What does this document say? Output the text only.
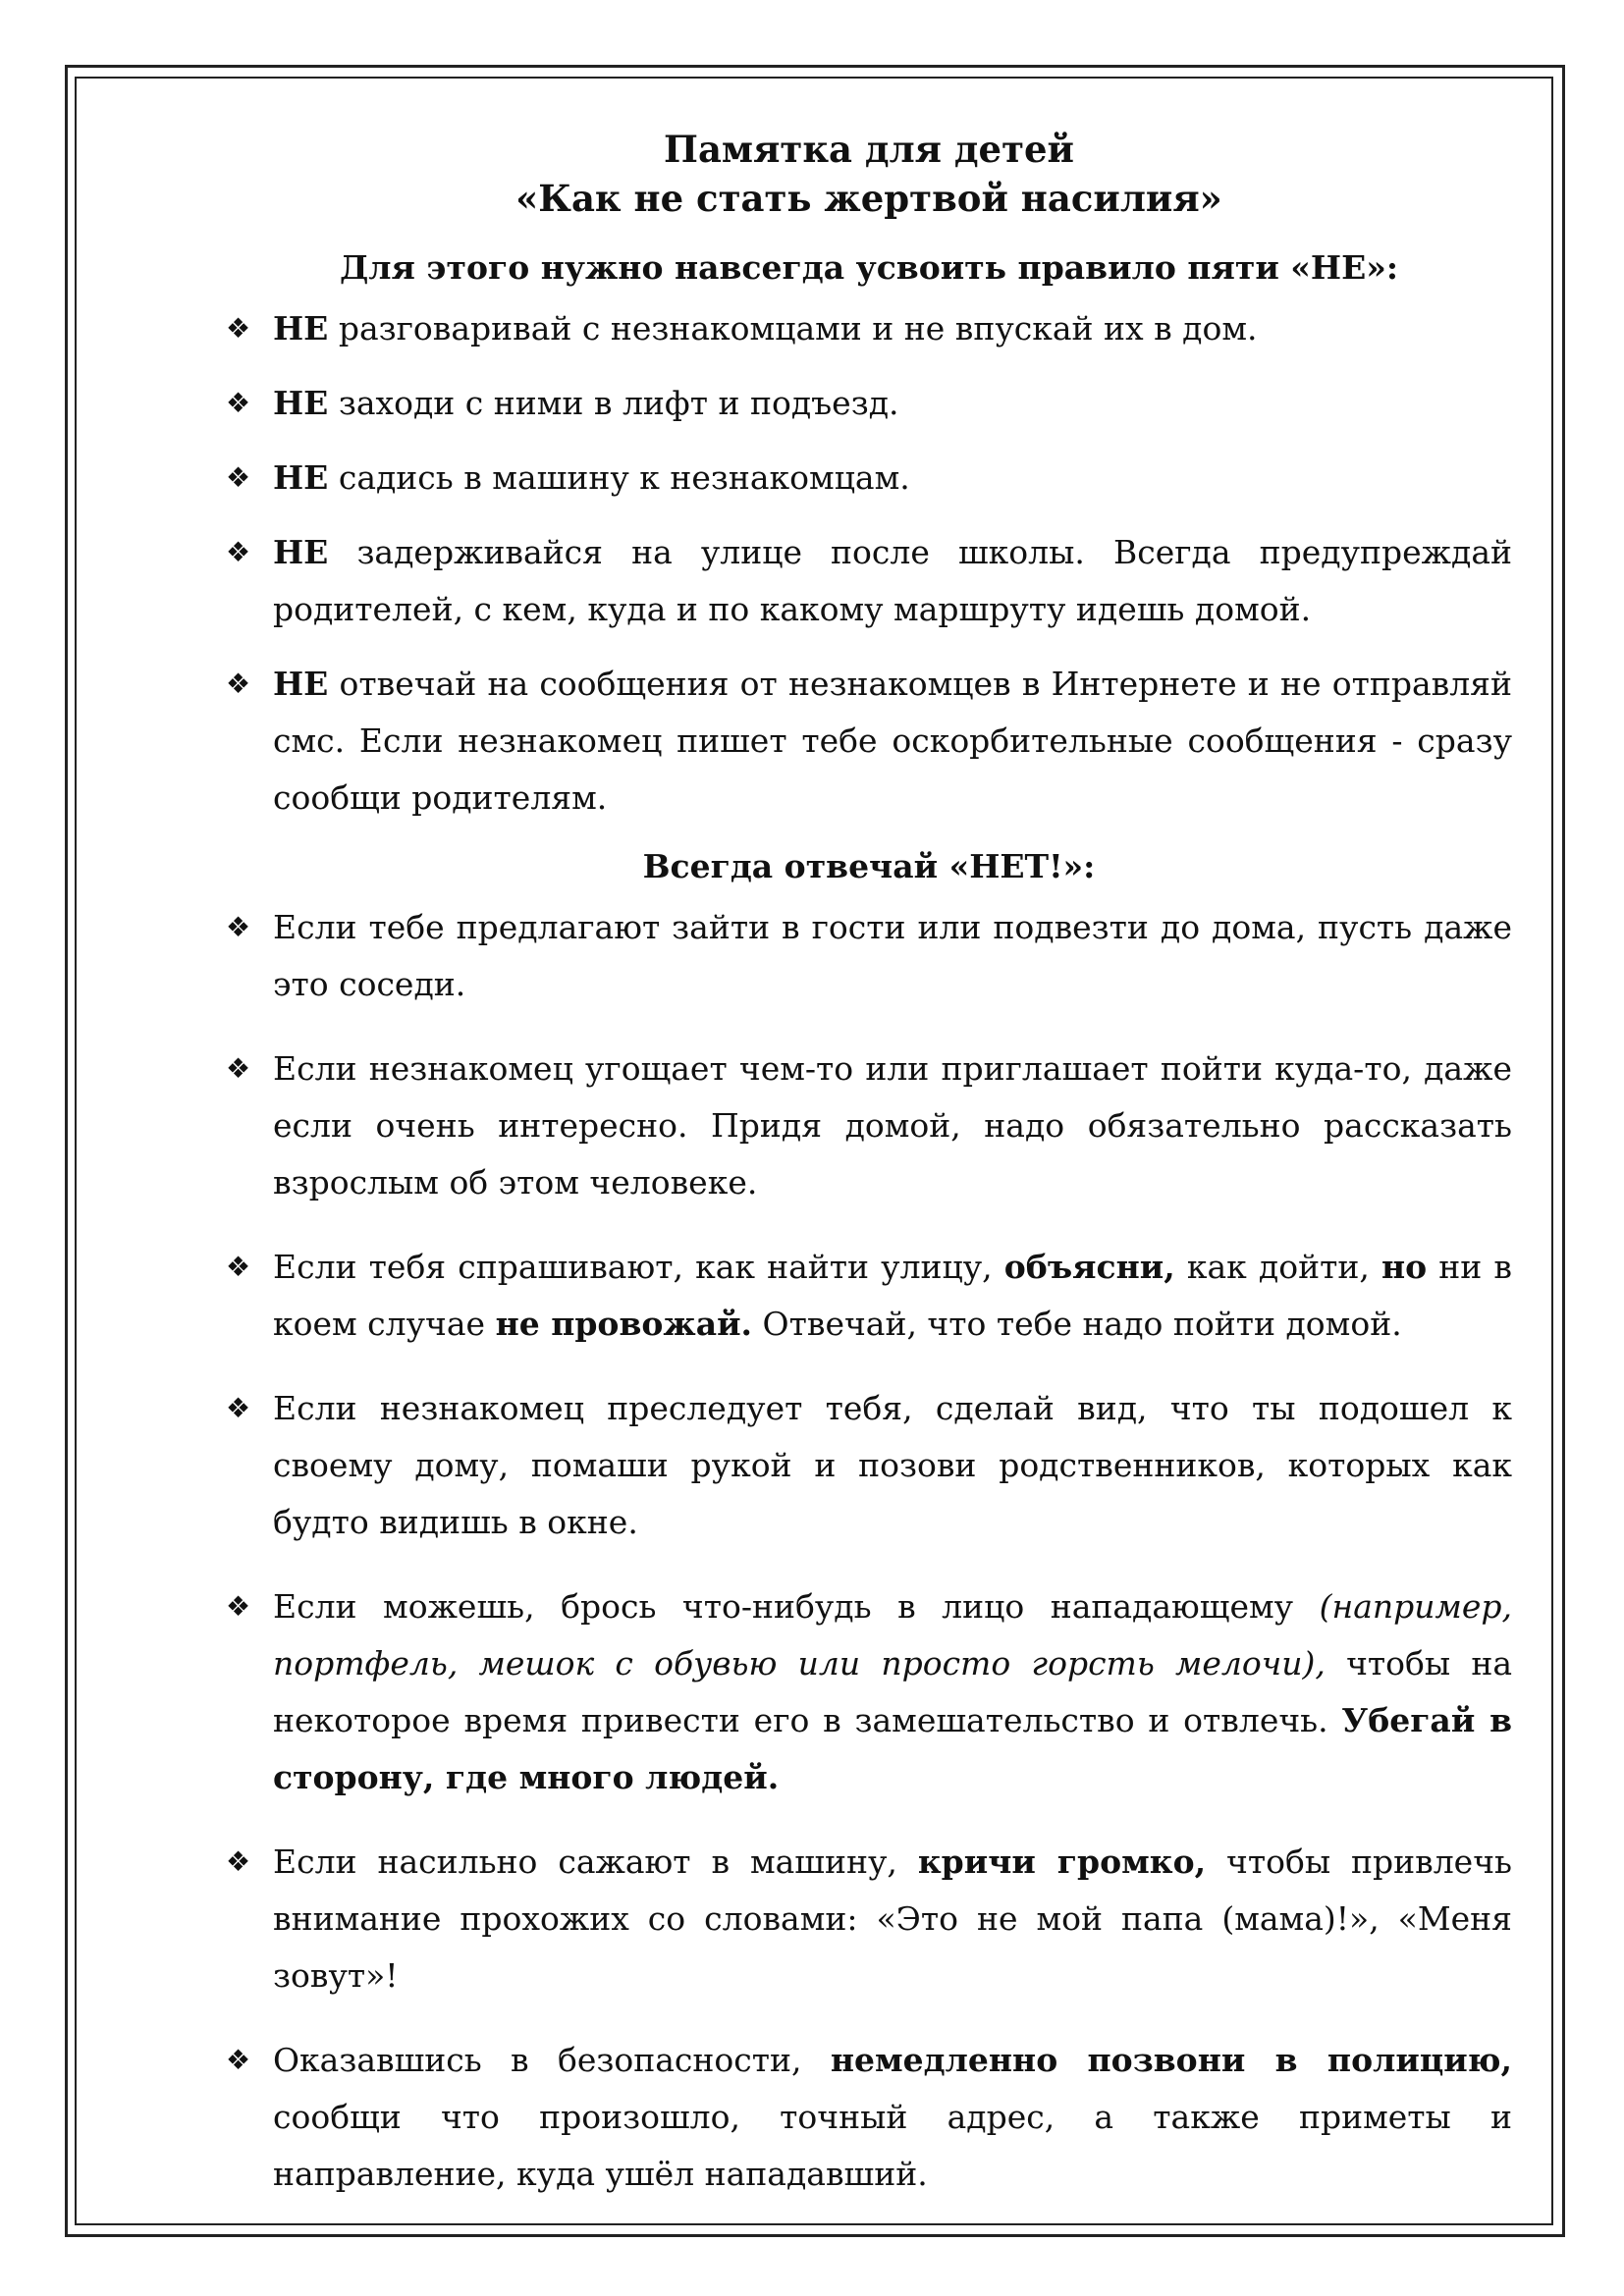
Памятка для детей
«Как не стать жертвой насилия»
Для этого нужно навсегда усвоить правило пяти «НЕ»:
❖ НЕ разговаривай с незнакомцами и не впускай их в дом.
❖ НЕ заходи с ними в лифт и подъезд.
❖ НЕ садись в машину к незнакомцам.
❖ НЕ задерживайся на улице после школы. Всегда предупреждай родителей, с кем, куда и по какому маршруту идешь домой.
❖ НЕ отвечай на сообщения от незнакомцев в Интернете и не отправляй смс. Если незнакомец пишет тебе оскорбительные сообщения - сразу сообщи родителям.
Всегда отвечай «НЕТ!»:
❖ Если тебе предлагают зайти в гости или подвезти до дома, пусть даже это соседи.
❖ Если незнакомец угощает чем-то или приглашает пойти куда-то, даже если очень интересно. Придя домой, надо обязательно рассказать взрослым об этом человеке.
❖ Если тебя спрашивают, как найти улицу, объясни, как дойти, но ни в коем случае не провожай. Отвечай, что тебе надо пойти домой.
❖ Если незнакомец преследует тебя, сделай вид, что ты подошел к своему дому, помаши рукой и позови родственников, которых как будто видишь в окне.
❖ Если можешь, брось что-нибудь в лицо нападающему (например, портфель, мешок с обувью или просто горсть мелочи), чтобы на некоторое время привести его в замешательство и отвлечь. Убегай в сторону, где много людей.
❖ Если насильно сажают в машину, кричи громко, чтобы привлечь внимание прохожих со словами: «Это не мой папа (мама)!», «Меня зовут»!
❖ Оказавшись в безопасности, немедленно позвони в полицию, сообщи что произошло, точный адрес, а также приметы и направление, куда ушёл нападавший.
